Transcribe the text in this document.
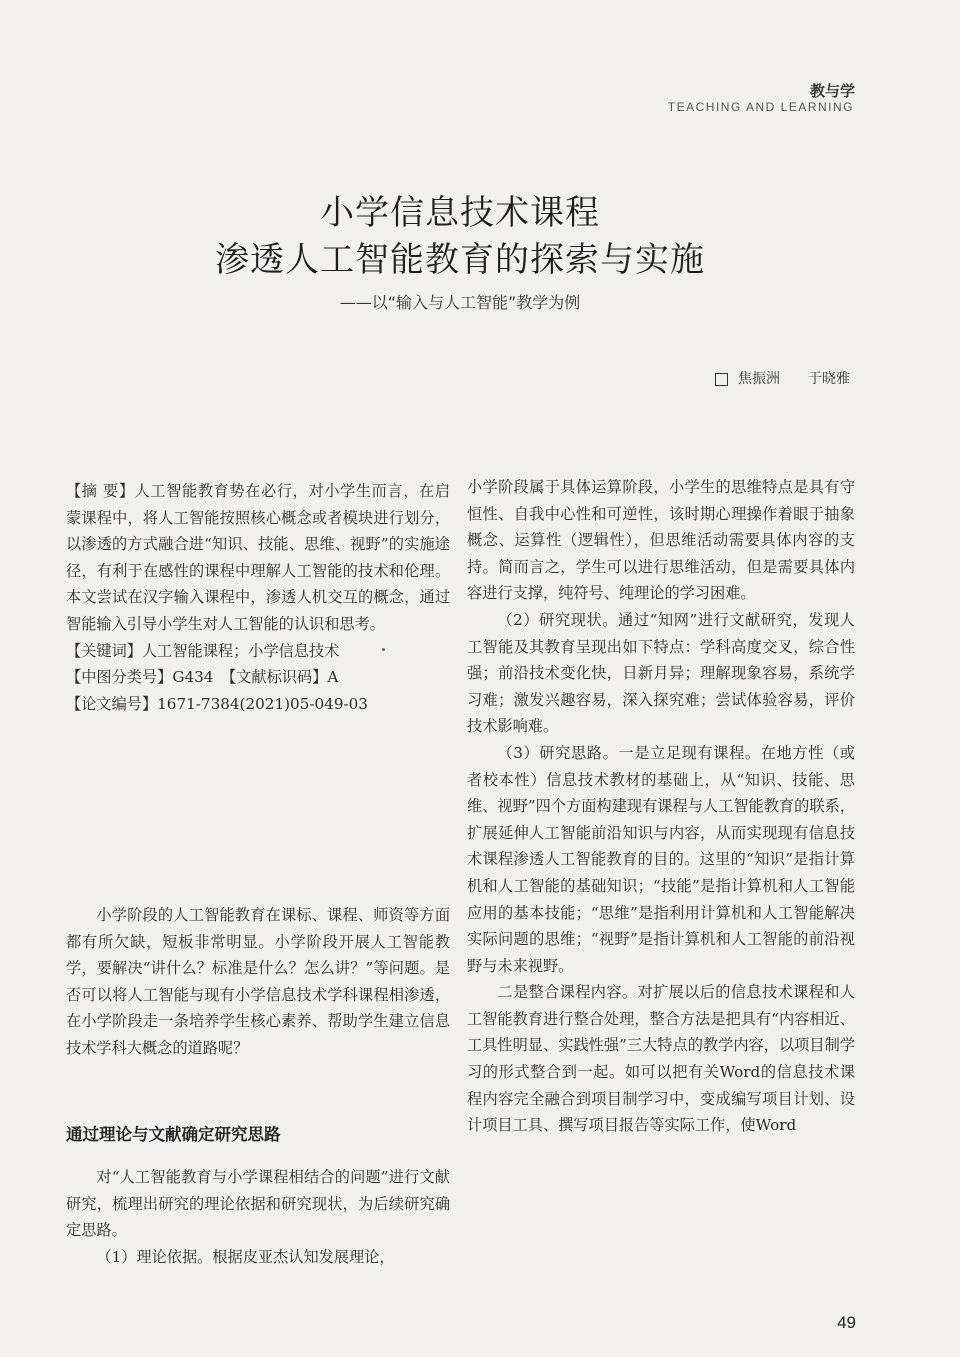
教与学
TEACHING AND LEARNING
小学信息技术课程
渗透人工智能教育的探索与实施
——以“输入与人工智能”教学为例
焦振洲 于晓雅

【摘 要】人工智能教育势在必行，对小学生而言，在启蒙课程中，将人工智能按照核心概念或者模块进行划分，以渗透的方式融合进“知识、技能、思维、视野”的实施途径，有利于在感性的课程中理解人工智能的技术和伦理。本文尝试在汉字输入课程中，渗透人机交互的概念，通过智能输入引导小学生对人工智能的认识和思考。

【关键词】人工智能课程；小学信息技术

【中图分类号】G434　【文献标识码】A

【论文编号】1671-7384(2021)05-049-03

小学阶段的人工智能教育在课标、课程、师资等方面都有所欠缺，短板非常明显。小学阶段开展人工智能教学，要解决“讲什么？标准是什么？怎么讲？”等问题。是否可以将人工智能与现有小学信息技术学科课程相渗透，在小学阶段走一条培养学生核心素养、帮助学生建立信息技术学科大概念的道路呢？

通过理论与文献确定研究思路

对“人工智能教育与小学课程相结合的问题”进行文献研究，梳理出研究的理论依据和研究现状，为后续研究确定思路。

（1）理论依据。根据皮亚杰认知发展理论，

小学阶段属于具体运算阶段，小学生的思维特点是具有守恒性、自我中心性和可逆性，该时期心理操作着眼于抽象概念、运算性（逻辑性），但思维活动需要具体内容的支持。简而言之，学生可以进行思维活动，但是需要具体内容进行支撑，纯符号、纯理论的学习困难。

（2）研究现状。通过“知网”进行文献研究，发现人工智能及其教育呈现出如下特点：学科高度交叉，综合性强；前沿技术变化快，日新月异；理解现象容易，系统学习难；激发兴趣容易，深入探究难；尝试体验容易，评价技术影响难。

（3）研究思路。一是立足现有课程。在地方性（或者校本性）信息技术教材的基础上，从“知识、技能、思维、视野”四个方面构建现有课程与人工智能教育的联系，扩展延伸人工智能前沿知识与内容，从而实现现有信息技术课程渗透人工智能教育的目的。这里的“知识”是指计算机和人工智能的基础知识；“技能”是指计算机和人工智能应用的基本技能；“思维”是指利用计算机和人工智能解决实际问题的思维；“视野”是指计算机和人工智能的前沿视野与未来视野。

二是整合课程内容。对扩展以后的信息技术课程和人工智能教育进行整合处理，整合方法是把具有“内容相近、工具性明显、实践性强”三大特点的教学内容，以项目制学习的形式整合到一起。如可以把有关Word的信息技术课程内容完全融合到项目制学习中，变成编写项目计划、设计项目工具、撰写项目报告等实际工作，使Word

49
